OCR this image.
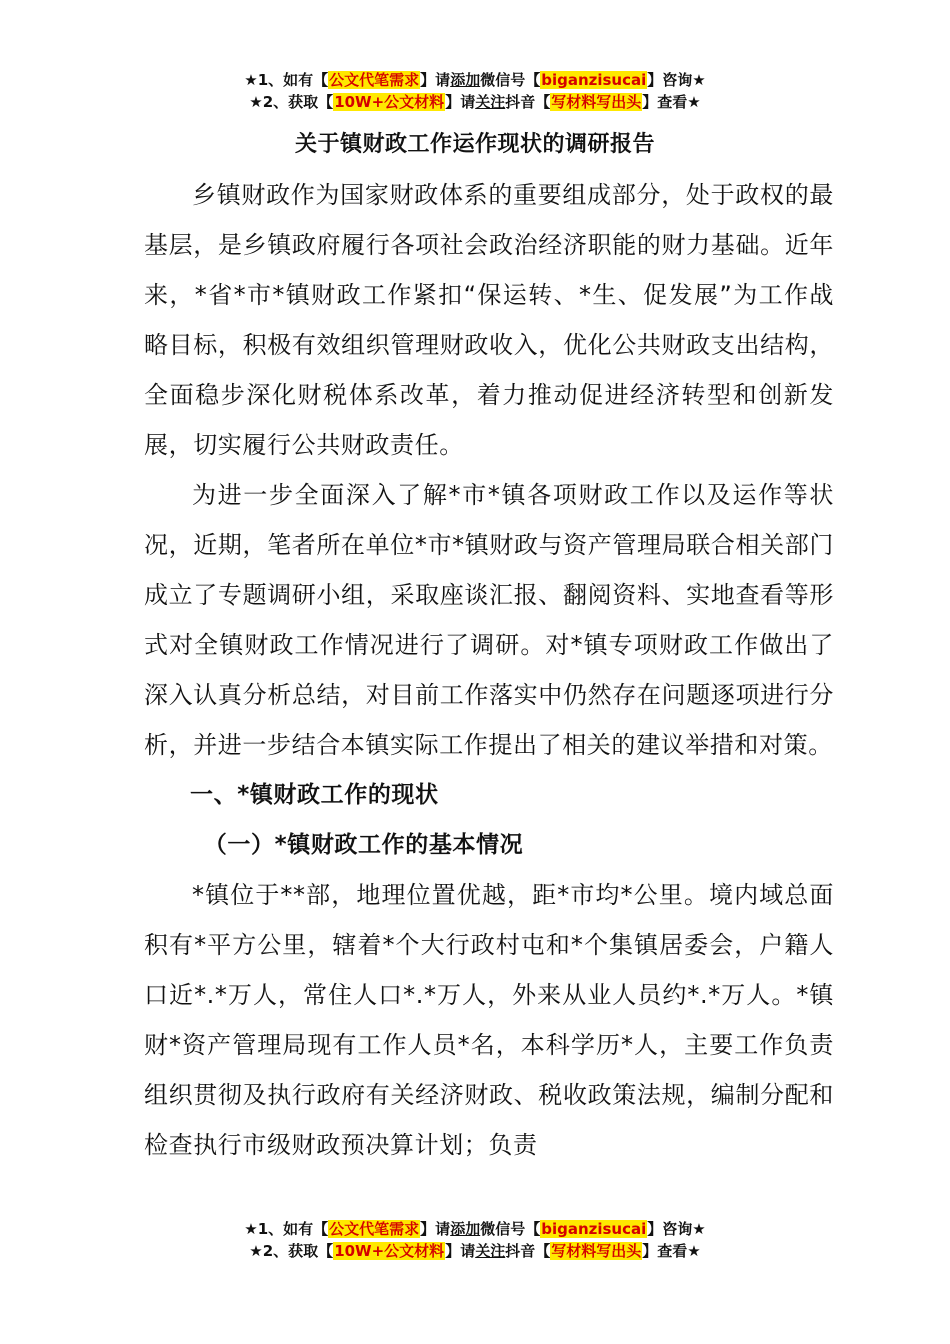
★1、如有【公文代笔需求】请添加微信号【biganzisucai】咨询★
★2、获取【10W+公文材料】请关注抖音【写材料写出头】查看★
关于镇财政工作运作现状的调研报告

乡镇财政作为国家财政体系的重要组成部分，处于政权的最基层，是乡镇政府履行各项社会政治经济职能的财力基础。近年来，*省*市*镇财政工作紧扣“保运转、*生、促发展”为工作战略目标，积极有效组织管理财政收入，优化公共财政支出结构，全面稳步深化财税体系改革，着力推动促进经济转型和创新发展，切实履行公共财政责任。

为进一步全面深入了解*市*镇各项财政工作以及运作等状况，近期，笔者所在单位*市*镇财政与资产管理局联合相关部门成立了专题调研小组，采取座谈汇报、翻阅资料、实地查看等形式对全镇财政工作情况进行了调研。对*镇专项财政工作做出了深入认真分析总结，对目前工作落实中仍然存在问题逐项进行分析，并进一步结合本镇实际工作提出了相关的建议举措和对策。

一、*镇财政工作的现状

（一）*镇财政工作的基本情况

*镇位于**部，地理位置优越，距*市均*公里。境内域总面积有*平方公里，辖着*个大行政村屯和*个集镇居委会，户籍人口近*.*万人，常住人口*.*万人，外来从业人员约*.*万人。*镇财*资产管理局现有工作人员*名，本科学历*人，主要工作负责组织贯彻及执行政府有关经济财政、税收政策法规，编制分配和检查执行市级财政预决算计划；负责

★1、如有【公文代笔需求】请添加微信号【biganzisucai】咨询★
★2、获取【10W+公文材料】请关注抖音【写材料写出头】查看★
